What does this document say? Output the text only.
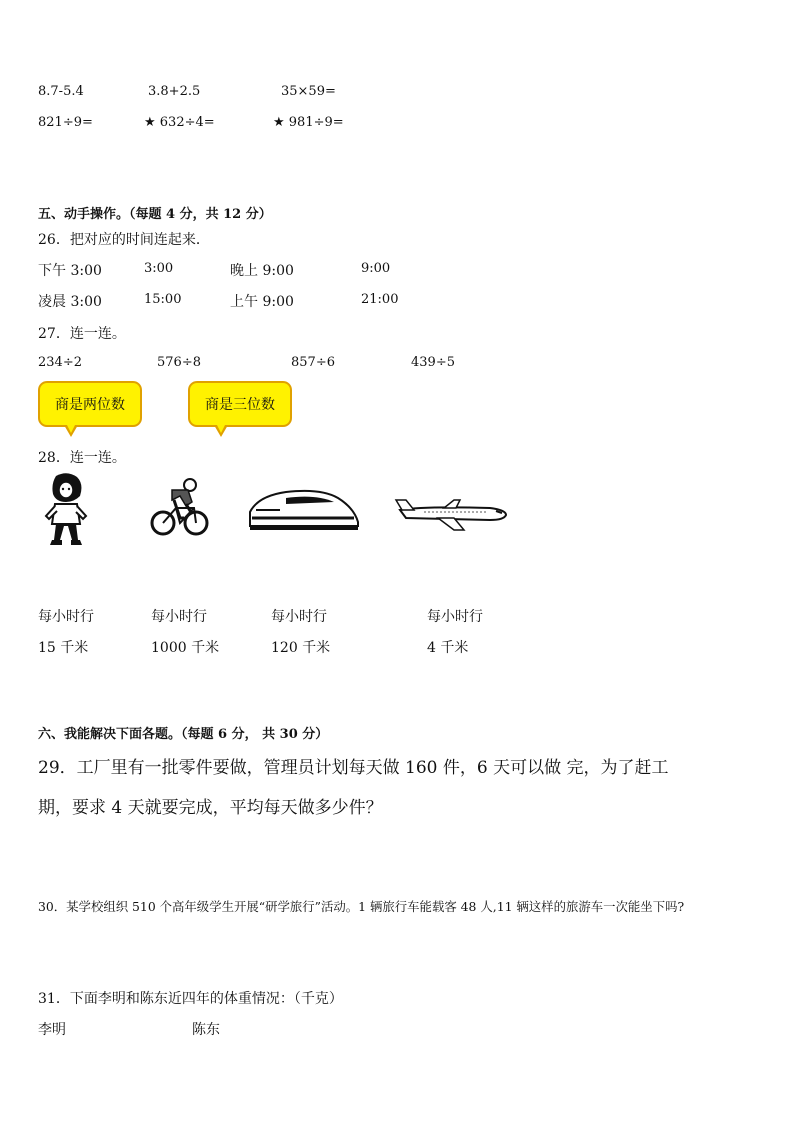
8.7-5.4	3.8+2.5	35×59=
821÷9=	★ 632÷4=	★ 981÷9=
五、动手操作。（每题 4 分，共 12 分）
26．把对应的时间连起来．
下午 3:00	3:00	晚上 9:00	9:00
凌晨 3:00	15:00	上午 9:00	21:00
27．连一连。
234÷2	576÷8	857÷6	439÷5
商是两位数	商是三位数
28．连一连。
每小时行	每小时行	每小时行	每小时行
15 千米	1000 千米	120 千米	4 千米
六、我能解决下面各题。（每题 6 分， 共 30 分）
29．工厂里有一批零件要做，管理员计划每天做 160 件，6 天可以做 完，为了赶工
期，要求 4 天就要完成，平均每天做多少件？
30．某学校组织 510 个高年级学生开展“研学旅行”活动。1 辆旅行车能载客 48 人,11 辆这样的旅游车一次能坐下吗?
31．下面李明和陈东近四年的体重情况：（千克）
李明	陈东
